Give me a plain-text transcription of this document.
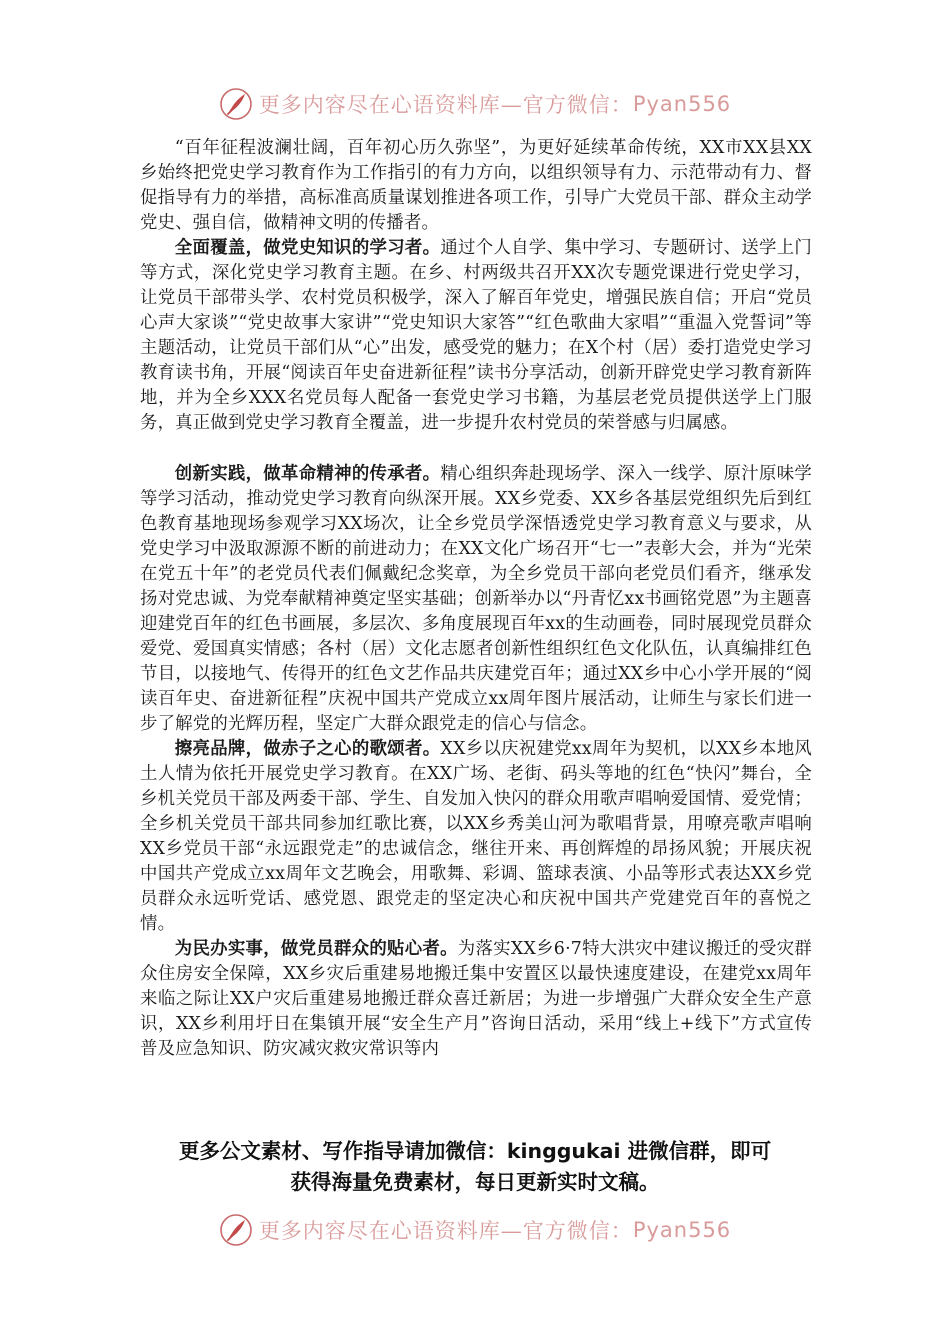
更多内容尽在心语资料库—官方微信： Pyan556

“百年征程波澜壮阔，百年初心历久弥坚”，为更好延续革命传统，XX市XX县XX乡始终把党史学习教育作为工作指引的有力方向，以组织领导有力、示范带动有力、督促指导有力的举措，高标准高质量谋划推进各项工作，引导广大党员干部、群众主动学党史、强自信，做精神文明的传播者。

全面覆盖，做党史知识的学习者。通过个人自学、集中学习、专题研讨、送学上门等方式，深化党史学习教育主题。在乡、村两级共召开XX次专题党课进行党史学习，让党员干部带头学、农村党员积极学，深入了解百年党史，增强民族自信；开启“党员心声大家谈”“党史故事大家讲”“党史知识大家答”“红色歌曲大家唱”“重温入党誓词”等主题活动，让党员干部们从“心”出发，感受党的魅力；在X个村（居）委打造党史学习教育读书角，开展“阅读百年史奋进新征程”读书分享活动，创新开辟党史学习教育新阵地，并为全乡XXX名党员每人配备一套党史学习书籍，为基层老党员提供送学上门服务，真正做到党史学习教育全覆盖，进一步提升农村党员的荣誉感与归属感。

创新实践，做革命精神的传承者。精心组织奔赴现场学、深入一线学、原汁原味学等学习活动，推动党史学习教育向纵深开展。XX乡党委、XX乡各基层党组织先后到红色教育基地现场参观学习XX场次，让全乡党员学深悟透党史学习教育意义与要求，从党史学习中汲取源源不断的前进动力；在XX文化广场召开“七一”表彰大会，并为“光荣在党五十年”的老党员代表们佩戴纪念奖章，为全乡党员干部向老党员们看齐，继承发扬对党忠诚、为党奉献精神奠定坚实基础；创新举办以“丹青忆xx书画铭党恩”为主题喜迎建党百年的红色书画展，多层次、多角度展现百年xx的生动画卷，同时展现党员群众爱党、爱国真实情感；各村（居）文化志愿者创新性组织红色文化队伍，认真编排红色节目，以接地气、传得开的红色文艺作品共庆建党百年；通过XX乡中心小学开展的“阅读百年史、奋进新征程”庆祝中国共产党成立xx周年图片展活动，让师生与家长们进一步了解党的光辉历程，坚定广大群众跟党走的信心与信念。

擦亮品牌，做赤子之心的歌颂者。XX乡以庆祝建党xx周年为契机，以XX乡本地风土人情为依托开展党史学习教育。在XX广场、老街、码头等地的红色“快闪”舞台，全乡机关党员干部及两委干部、学生、自发加入快闪的群众用歌声唱响爱国情、爱党情；全乡机关党员干部共同参加红歌比赛，以XX乡秀美山河为歌唱背景，用嘹亮歌声唱响XX乡党员干部“永远跟党走”的忠诚信念，继往开来、再创辉煌的昂扬风貌；开展庆祝中国共产党成立xx周年文艺晚会，用歌舞、彩调、篮球表演、小品等形式表达XX乡党员群众永远听党话、感党恩、跟党走的坚定决心和庆祝中国共产党建党百年的喜悦之情。

为民办实事，做党员群众的贴心者。为落实XX乡6·7特大洪灾中建议搬迁的受灾群众住房安全保障，XX乡灾后重建易地搬迁集中安置区以最快速度建设，在建党xx周年来临之际让XX户灾后重建易地搬迁群众喜迁新居；为进一步增强广大群众安全生产意识，XX乡利用圩日在集镇开展“安全生产月”咨询日活动，采用“线上+线下”方式宣传普及应急知识、防灾减灾救灾常识等内

更多公文素材、写作指导请加微信：kinggukai 进微信群，即可
获得海量免费素材，每日更新实时文稿。
更多内容尽在心语资料库—官方微信： Pyan556
